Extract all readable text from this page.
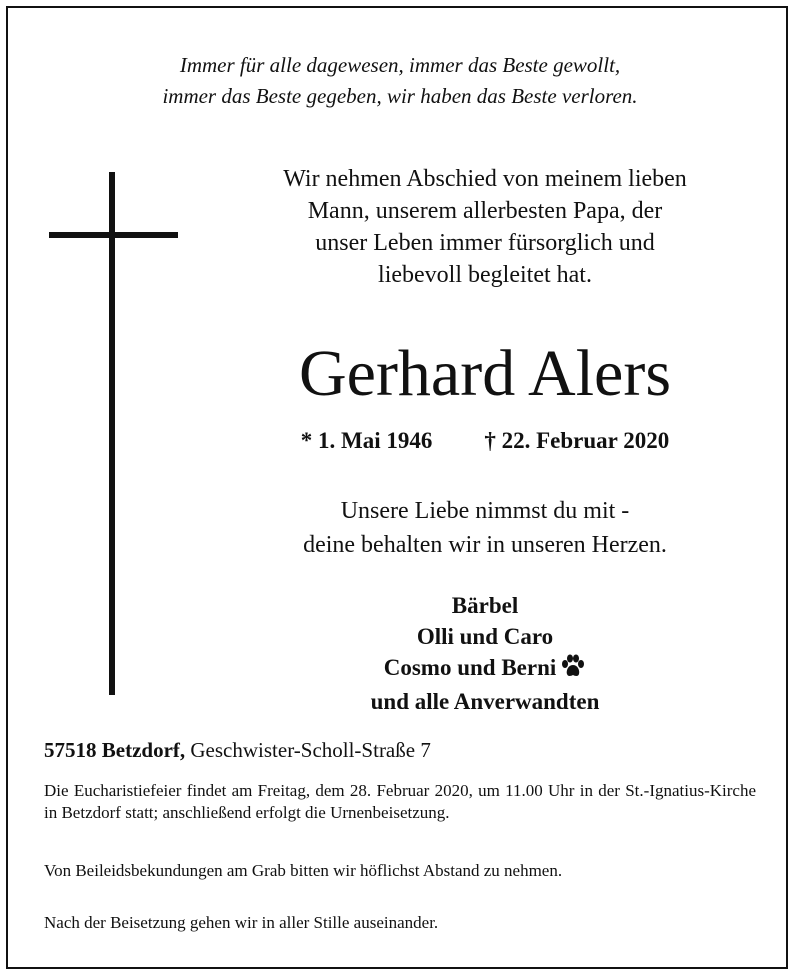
Immer für alle dagewesen, immer das Beste gewollt,
immer das Beste gegeben, wir haben das Beste verloren.
Wir nehmen Abschied von meinem lieben
Mann, unserem allerbesten Papa, der
unser Leben immer fürsorglich und
liebevoll begleitet hat.
Gerhard Alers
* 1. Mai 1946 † 22. Februar 2020
Unsere Liebe nimmst du mit -
deine behalten wir in unseren Herzen.
Bärbel
Olli und Caro
Cosmo und Berni
und alle Anverwandten
57518 Betzdorf, Geschwister-Scholl-Straße 7
Die Eucharistiefeier findet am Freitag, dem 28. Februar 2020, um 11.00 Uhr in der St.-Ignatius-Kirche in Betzdorf statt; anschließend erfolgt die Urnenbeisetzung.
Von Beileidsbekundungen am Grab bitten wir höflichst Abstand zu nehmen.
Nach der Beisetzung gehen wir in aller Stille auseinander.
